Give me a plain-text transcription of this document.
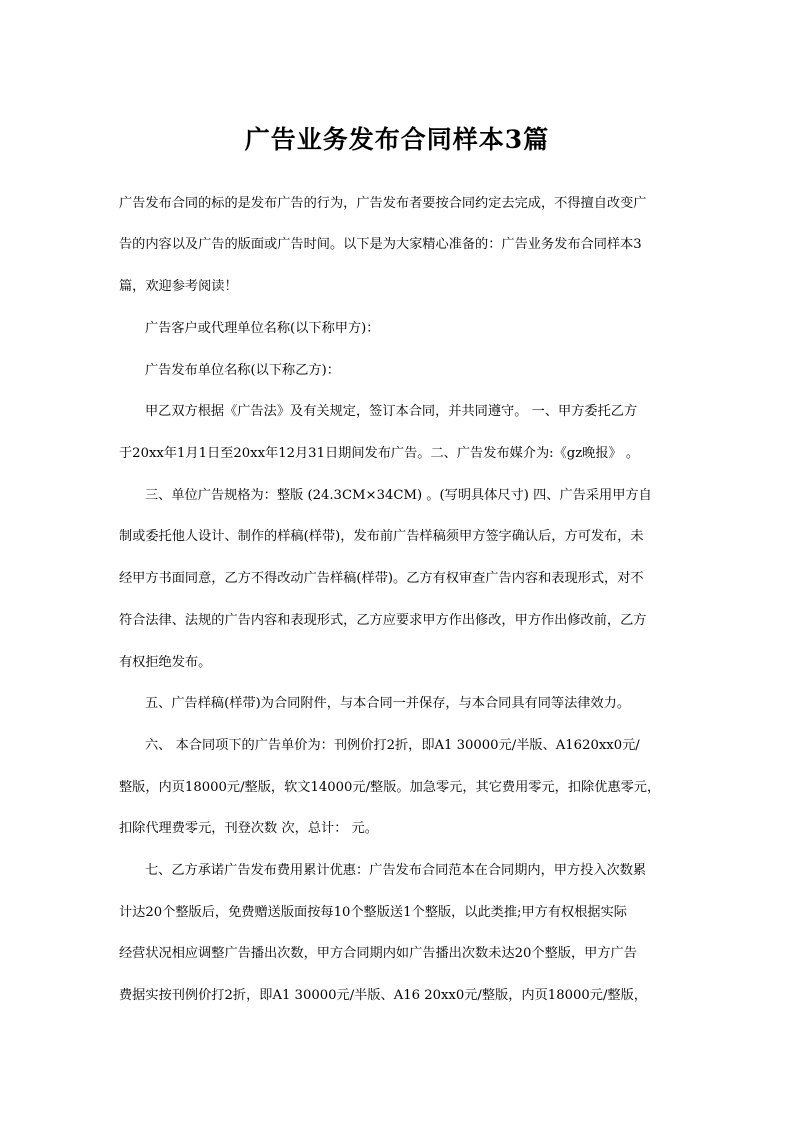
广告业务发布合同样本3篇
广告发布合同的标的是发布广告的行为，广告发布者要按合同约定去完成，不得擅自改变广
告的内容以及广告的版面或广告时间。以下是为大家精心准备的：广告业务发布合同样本3
篇，欢迎参考阅读！
广告客户或代理单位名称(以下称甲方)：
广告发布单位名称(以下称乙方)：
甲乙双方根据《广告法》及有关规定，签订本合同，并共同遵守。 一、甲方委托乙方
于20xx年1月1日至20xx年12月31日期间发布广告。二、广告发布媒介为:《gz晚报》 。
三、单位广告规格为：整版 (24.3CM×34CM) 。(写明具体尺寸) 四、广告采用甲方自
制或委托他人设计、制作的样稿(样带)，发布前广告样稿须甲方签字确认后，方可发布，未
经甲方书面同意，乙方不得改动广告样稿(样带)。乙方有权审查广告内容和表现形式，对不
符合法律、法规的广告内容和表现形式，乙方应要求甲方作出修改，甲方作出修改前，乙方
有权拒绝发布。
五、广告样稿(样带)为合同附件，与本合同一并保存，与本合同具有同等法律效力。
六、 本合同项下的广告单价为：刊例价打2折，即A1 30000元/半版、A1620xx0元/
整版，内页18000元/整版，软文14000元/整版。加急零元，其它费用零元，扣除优惠零元，
扣除代理费零元，刊登次数 次，总计： 元。
七、乙方承诺广告发布费用累计优惠：广告发布合同范本在合同期内，甲方投入次数累
计达20个整版后，免费赠送版面按每10个整版送1个整版，以此类推;甲方有权根据实际
经营状况相应调整广告播出次数，甲方合同期内如广告播出次数未达20个整版，甲方广告
费据实按刊例价打2折，即A1 30000元/半版、A16 20xx0元/整版，内页18000元/整版，
